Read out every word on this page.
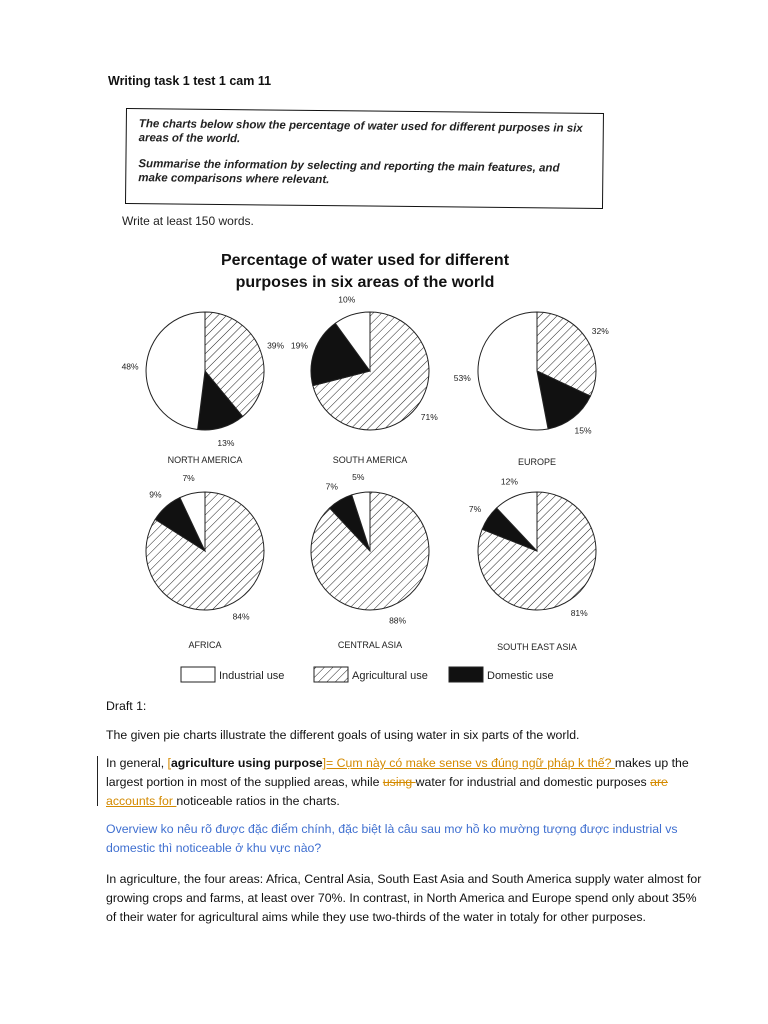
Writing task 1 test 1 cam 11

The charts below show the percentage of water used for different purposes in six areas of the world.

Summarise the information by selecting and reporting the main features, and make comparisons where relevant.

Write at least 150 words.
Percentage of water used for different
purposes in six areas of the world
39%
13%
48%
NORTH AMERICA
71%
19%
10%
SOUTH AMERICA
32%
15%
53%
EUROPE
84%
9%
7%
AFRICA
88%
7%
5%
CENTRAL ASIA
81%
7%
12%
SOUTH EAST ASIA
Industrial use	Agricultural use	Domestic use
Draft 1:
The given pie charts illustrate the different goals of using water in six parts of the world.
In general, [agriculture using purpose]= Cụm này có make sense vs đúng ngữ pháp k thế? makes up the largest portion in most of the supplied areas, while using water for industrial and domestic purposes are accounts for noticeable ratios in the charts.
Overview ko nêu rõ được đặc điểm chính, đặc biệt là câu sau mơ hồ ko mường tượng được industrial vs domestic thì noticeable ở khu vực nào?
In agriculture, the four areas: Africa, Central Asia, South East Asia and South America supply water almost for growing crops and farms, at least over 70%. In contrast, in North America and Europe spend only about 35% of their water for agricultural aims while they use two-thirds of the water in totaly for other purposes.
